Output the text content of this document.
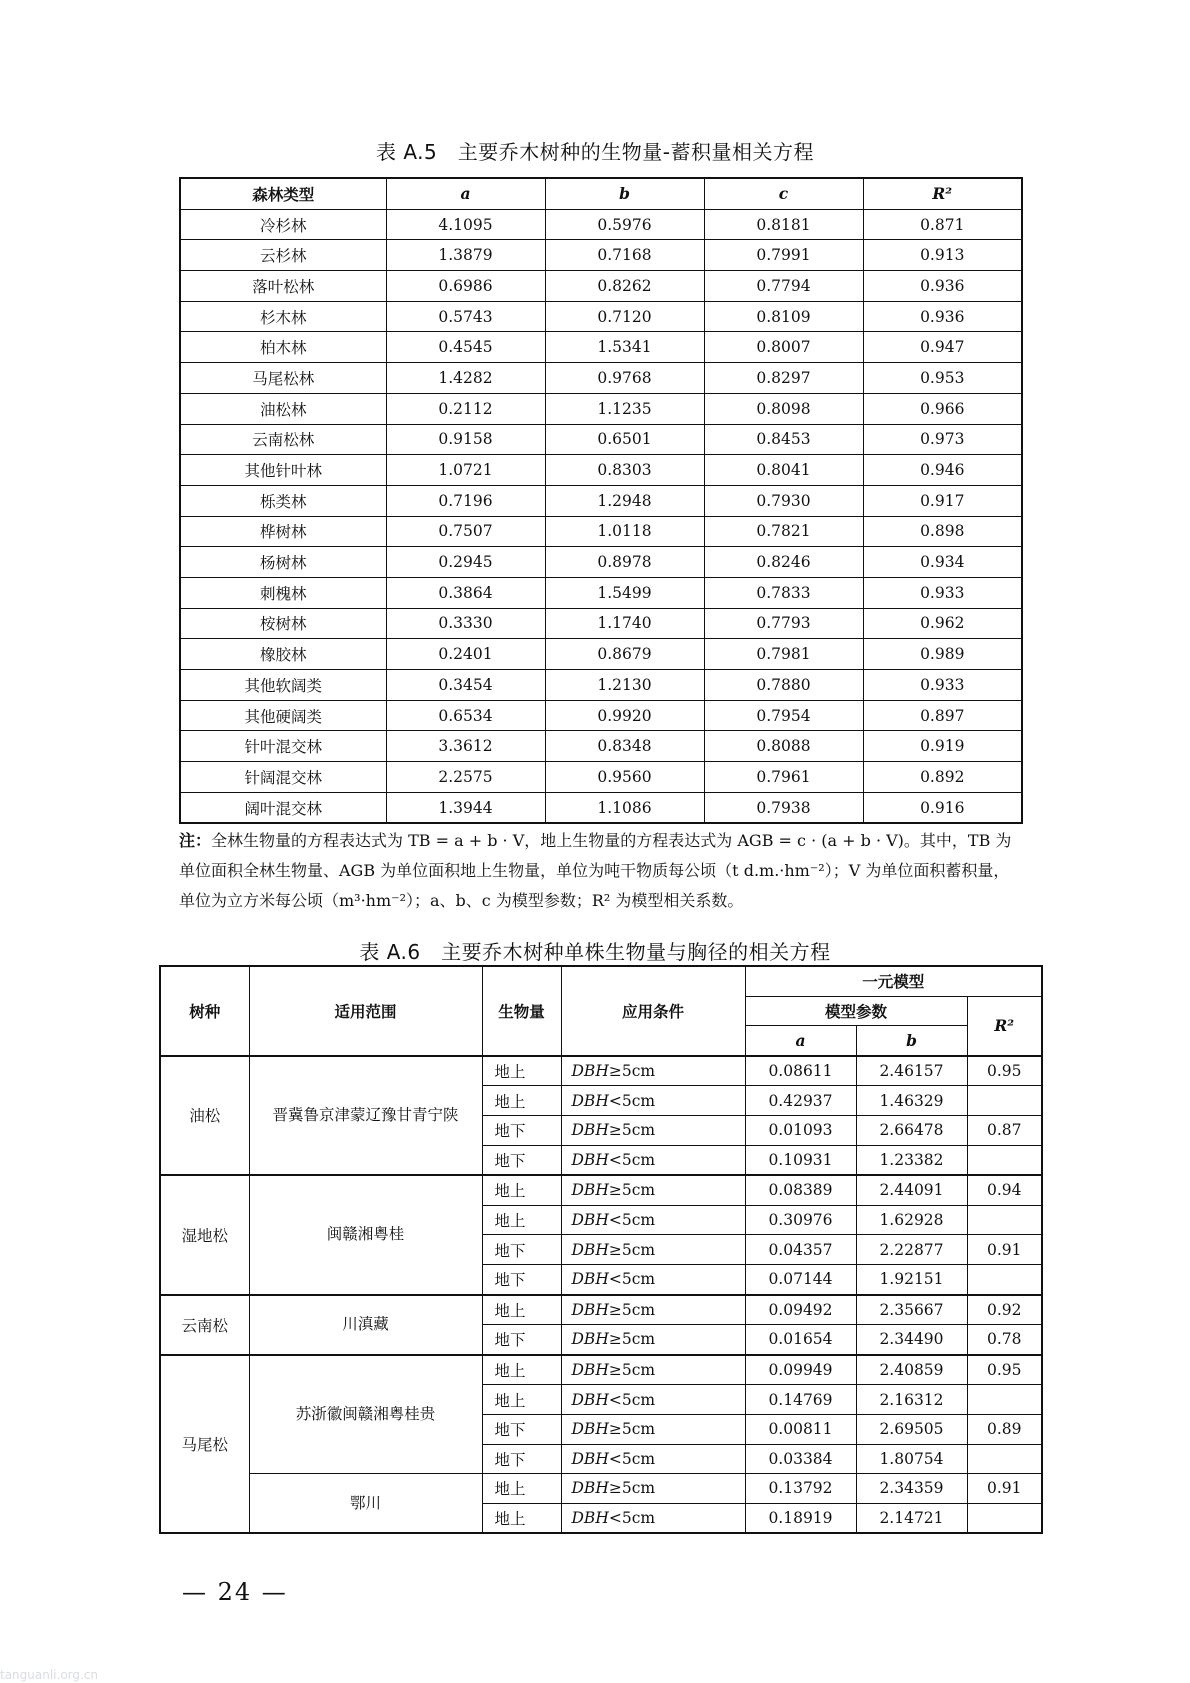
表 A.5　主要乔木树种的生物量-蓄积量相关方程
森林类型	a	b	c	R²
冷杉林	4.1095	0.5976	0.8181	0.871
云杉林	1.3879	0.7168	0.7991	0.913
落叶松林	0.6986	0.8262	0.7794	0.936
杉木林	0.5743	0.7120	0.8109	0.936
柏木林	0.4545	1.5341	0.8007	0.947
马尾松林	1.4282	0.9768	0.8297	0.953
油松林	0.2112	1.1235	0.8098	0.966
云南松林	0.9158	0.6501	0.8453	0.973
其他针叶林	1.0721	0.8303	0.8041	0.946
栎类林	0.7196	1.2948	0.7930	0.917
桦树林	0.7507	1.0118	0.7821	0.898
杨树林	0.2945	0.8978	0.8246	0.934
刺槐林	0.3864	1.5499	0.7833	0.933
桉树林	0.3330	1.1740	0.7793	0.962
橡胶林	0.2401	0.8679	0.7981	0.989
其他软阔类	0.3454	1.2130	0.7880	0.933
其他硬阔类	0.6534	0.9920	0.7954	0.897
针叶混交林	3.3612	0.8348	0.8088	0.919
针阔混交林	2.2575	0.9560	0.7961	0.892
阔叶混交林	1.3944	1.1086	0.7938	0.916
注：全林生物量的方程表达式为 TB = a + b · V，地上生物量的方程表达式为 AGB = c · (a + b · V)。其中，TB 为单位面积全林生物量、AGB 为单位面积地上生物量，单位为吨干物质每公顷（t d.m.·hm⁻²）；V 为单位面积蓄积量，单位为立方米每公顷（m³·hm⁻²）；a、b、c 为模型参数；R² 为模型相关系数。
表 A.6　主要乔木树种单株生物量与胸径的相关方程
树种	适用范围	生物量	应用条件	一元模型		
				模型参数		R²
				a	b	
油松	晋冀鲁京津蒙辽豫甘青宁陕	地上	DBH≥5cm	0.08611	2.46157	0.95
		地上	DBH<5cm	0.42937	1.46329	
		地下	DBH≥5cm	0.01093	2.66478	0.87
		地下	DBH<5cm	0.10931	1.23382	
湿地松	闽赣湘粤桂	地上	DBH≥5cm	0.08389	2.44091	0.94
		地上	DBH<5cm	0.30976	1.62928	
		地下	DBH≥5cm	0.04357	2.22877	0.91
		地下	DBH<5cm	0.07144	1.92151	
云南松	川滇藏	地上	DBH≥5cm	0.09492	2.35667	0.92
		地下	DBH≥5cm	0.01654	2.34490	0.78
马尾松	苏浙徽闽赣湘粤桂贵	地上	DBH≥5cm	0.09949	2.40859	0.95
		地上	DBH<5cm	0.14769	2.16312	
		地下	DBH≥5cm	0.00811	2.69505	0.89
		地下	DBH<5cm	0.03384	1.80754	
	鄂川	地上	DBH≥5cm	0.13792	2.34359	0.91
		地上	DBH<5cm	0.18919	2.14721	
— 24 —
tanguanli.org.cn
